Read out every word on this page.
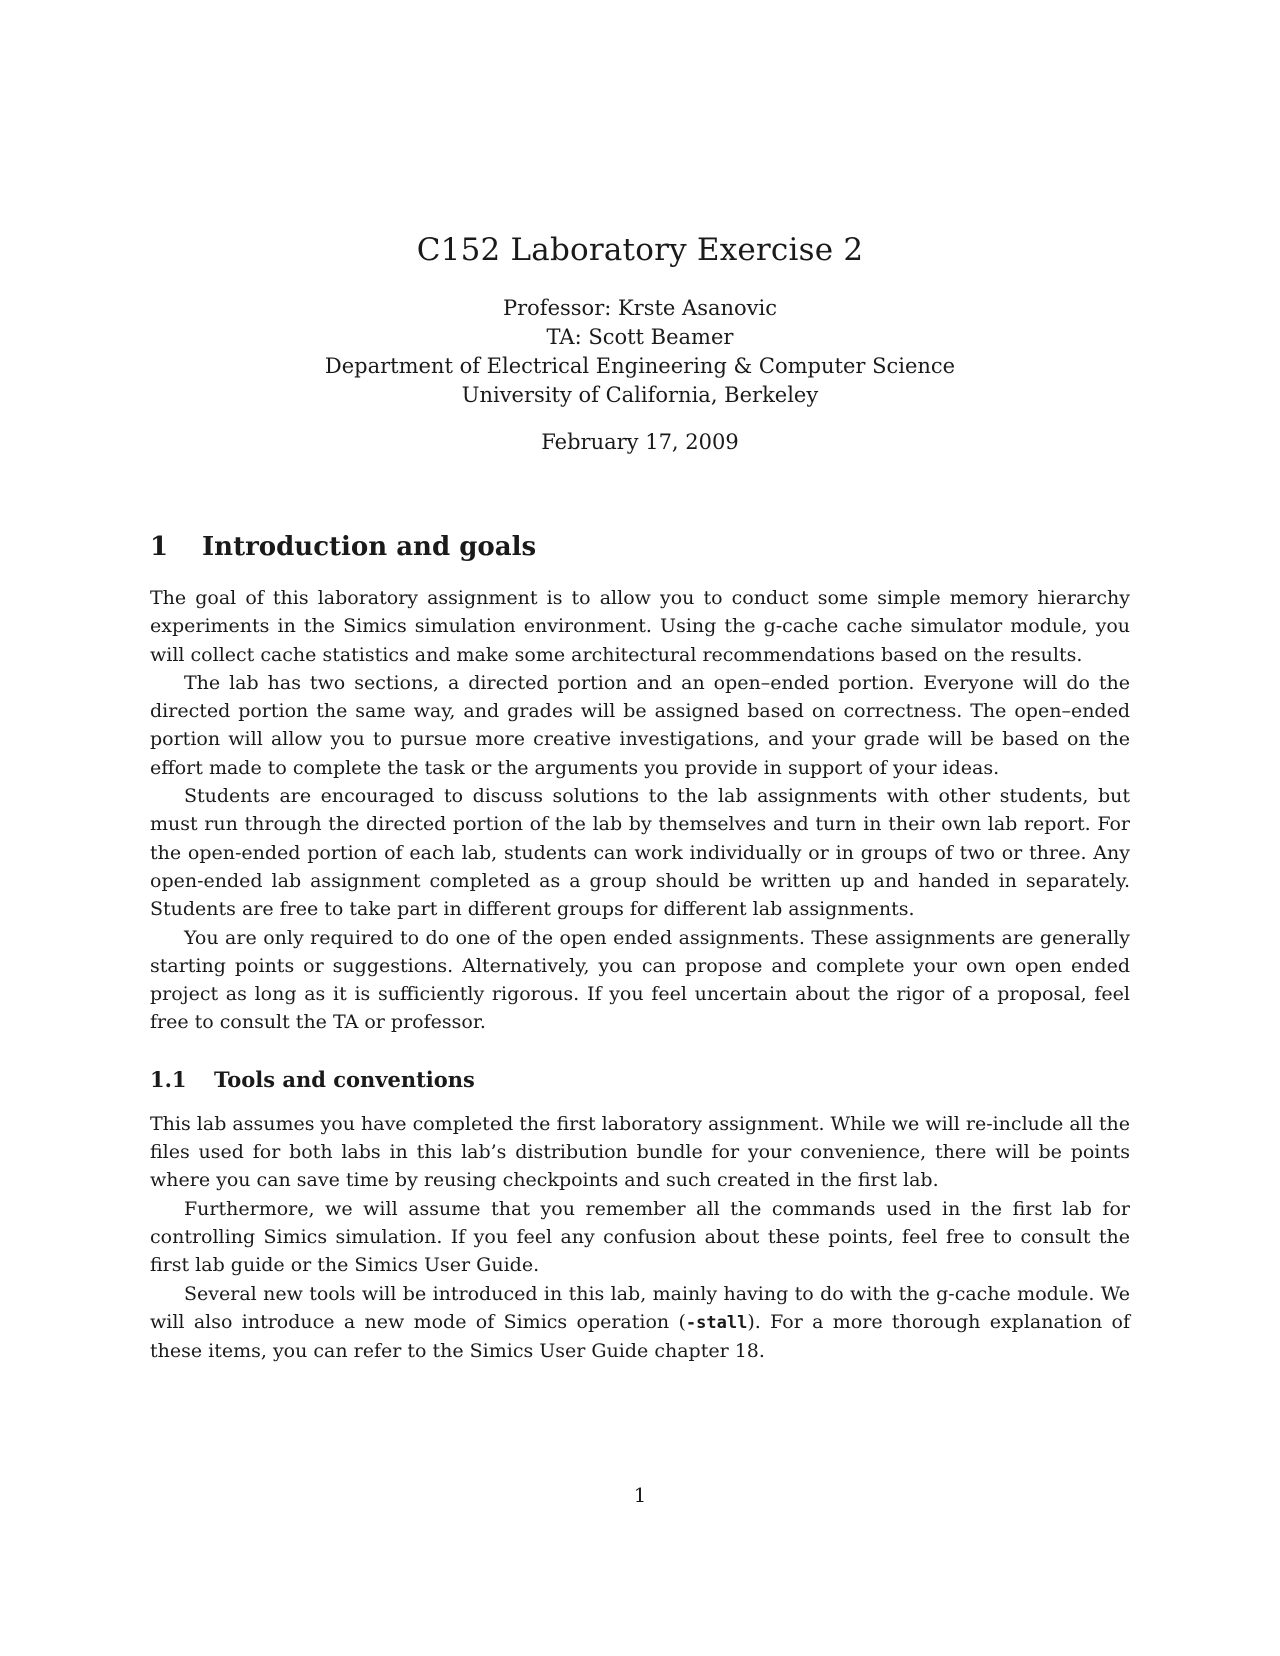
C152 Laboratory Exercise 2
Professor: Krste Asanovic
TA: Scott Beamer
Department of Electrical Engineering & Computer Science
University of California, Berkeley
February 17, 2009
1	Introduction and goals

The goal of this laboratory assignment is to allow you to conduct some simple memory hierarchy experiments in the Simics simulation environment. Using the g-cache cache simulator module, you will collect cache statistics and make some architectural recommendations based on the results.

The lab has two sections, a directed portion and an open–ended portion. Everyone will do the directed portion the same way, and grades will be assigned based on correctness. The open–ended portion will allow you to pursue more creative investigations, and your grade will be based on the effort made to complete the task or the arguments you provide in support of your ideas.

Students are encouraged to discuss solutions to the lab assignments with other students, but must run through the directed portion of the lab by themselves and turn in their own lab report. For the open-ended portion of each lab, students can work individually or in groups of two or three. Any open-ended lab assignment completed as a group should be written up and handed in separately. Students are free to take part in different groups for different lab assignments.

You are only required to do one of the open ended assignments. These assignments are generally starting points or suggestions. Alternatively, you can propose and complete your own open ended project as long as it is sufficiently rigorous. If you feel uncertain about the rigor of a proposal, feel free to consult the TA or professor.

1.1	Tools and conventions

This lab assumes you have completed the first laboratory assignment. While we will re-include all the files used for both labs in this lab’s distribution bundle for your convenience, there will be points where you can save time by reusing checkpoints and such created in the first lab.

Furthermore, we will assume that you remember all the commands used in the first lab for controlling Simics simulation. If you feel any confusion about these points, feel free to consult the first lab guide or the Simics User Guide.

Several new tools will be introduced in this lab, mainly having to do with the g-cache module. We will also introduce a new mode of Simics operation (-stall). For a more thorough explanation of these items, you can refer to the Simics User Guide chapter 18.

1
